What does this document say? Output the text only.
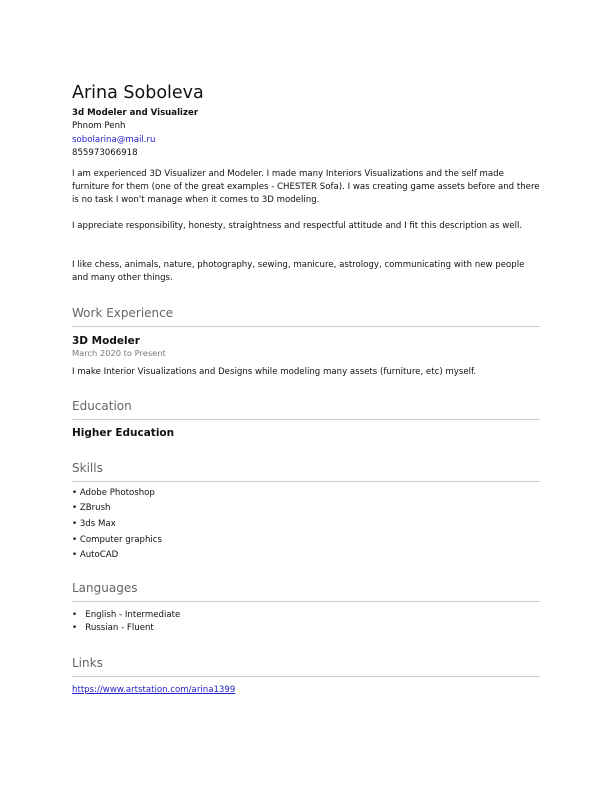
Arina Soboleva
3d Modeler and Visualizer
Phnom Penh
sobolarina@mail.ru
855973066918
I am experienced 3D Visualizer and Modeler. I made many Interiors Visualizations and the self made furniture for them (one of the great examples - CHESTER Sofa). I was creating game assets before and there is no task I won't manage when it comes to 3D modeling.
I appreciate responsibility, honesty, straightness and respectful attitude and I fit this description as well.
I like chess, animals, nature, photography, sewing, manicure, astrology, communicating with new people and many other things.
Work Experience
3D Modeler
March 2020 to Present
I make Interior Visualizations and Designs while modeling many assets (furniture, etc) myself.
Education
Higher Education
Skills
• Adobe Photoshop
• ZBrush
• 3ds Max
• Computer graphics
• AutoCAD
Languages
•   English - Intermediate
•   Russian - Fluent
Links
https://www.artstation.com/arina1399
